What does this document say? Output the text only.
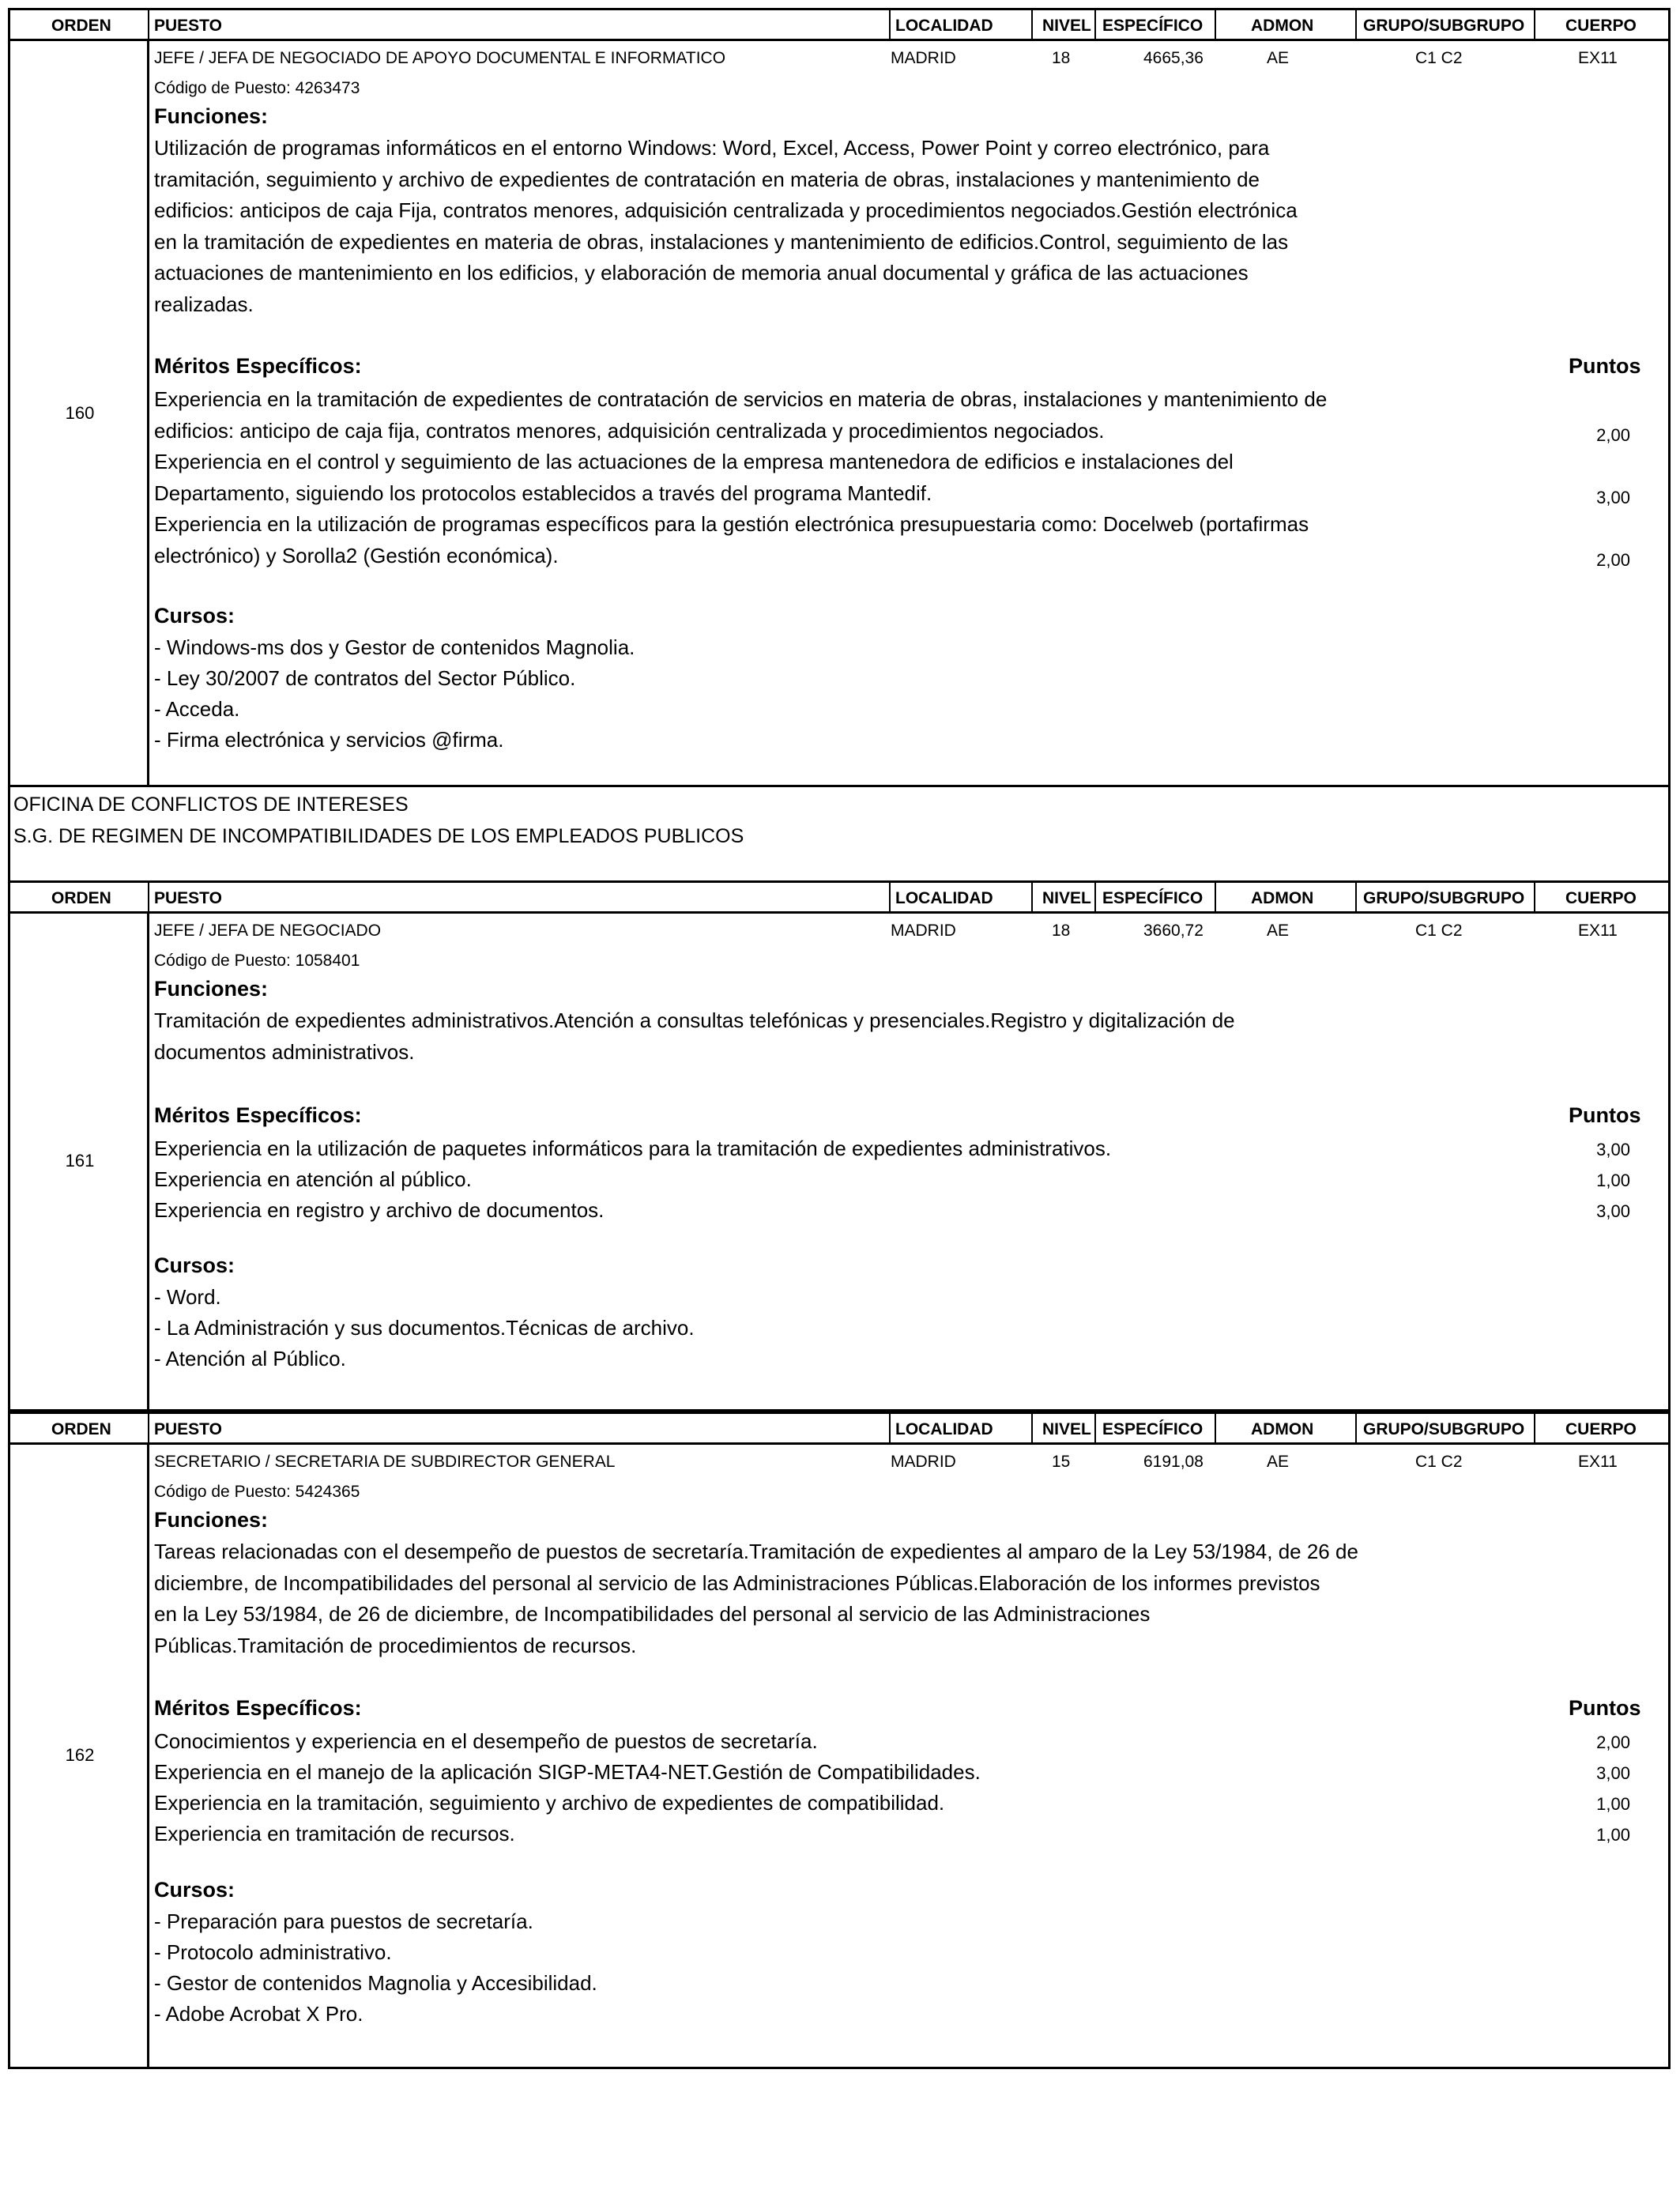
ORDEN	PUESTO	LOCALIDAD	NIVEL ESPECÍFICO	ADMON	GRUPO/SUBGRUPO CUERPO
160
JEFE / JEFA DE NEGOCIADO DE APOYO DOCUMENTAL E INFORMATICO	MADRID	18	4665,36	AE	C1 C2	EX11
Código de Puesto: 4263473
Funciones:
Utilización de programas informáticos en el entorno Windows: Word, Excel, Access, Power Point y correo electrónico, para
tramitación, seguimiento y archivo de expedientes de contratación en materia de obras, instalaciones y mantenimiento de
edificios: anticipos de caja Fija, contratos menores, adquisición centralizada y procedimientos negociados.Gestión electrónica
en la tramitación de expedientes en materia de obras, instalaciones y mantenimiento de edificios.Control, seguimiento de las
actuaciones de mantenimiento en los edificios, y elaboración de memoria anual documental y gráfica de las actuaciones
realizadas.
Méritos Específicos:	Puntos
Experiencia en la tramitación de expedientes de contratación de servicios en materia de obras, instalaciones y mantenimiento de
edificios: anticipo de caja fija, contratos menores, adquisición centralizada y procedimientos negociados.	2,00
Experiencia en el control y seguimiento de las actuaciones de la empresa mantenedora de edificios e instalaciones del
Departamento, siguiendo los protocolos establecidos a través del programa Mantedif.	3,00
Experiencia en la utilización de programas específicos para la gestión electrónica presupuestaria como: Docelweb (portafirmas
electrónico) y Sorolla2 (Gestión económica).	2,00
Cursos:
- Windows-ms dos y Gestor de contenidos Magnolia.
- Ley 30/2007 de contratos del Sector Público.
- Acceda.
- Firma electrónica y servicios @firma.
OFICINA DE CONFLICTOS DE INTERESES
S.G. DE REGIMEN DE INCOMPATIBILIDADES DE LOS EMPLEADOS PUBLICOS
ORDEN	PUESTO	LOCALIDAD	NIVEL ESPECÍFICO	ADMON	GRUPO/SUBGRUPO CUERPO
161
JEFE / JEFA DE NEGOCIADO	MADRID	18	3660,72	AE	C1 C2	EX11
Código de Puesto: 1058401
Funciones:
Tramitación de expedientes administrativos.Atención a consultas telefónicas y presenciales.Registro y digitalización de
documentos administrativos.
Méritos Específicos:	Puntos
Experiencia en la utilización de paquetes informáticos para la tramitación de expedientes administrativos.	3,00
Experiencia en atención al público.	1,00
Experiencia en registro y archivo de documentos.	3,00
Cursos:
- Word.
- La Administración y sus documentos.Técnicas de archivo.
- Atención al Público.
ORDEN	PUESTO	LOCALIDAD	NIVEL ESPECÍFICO	ADMON	GRUPO/SUBGRUPO CUERPO
162
SECRETARIO / SECRETARIA DE SUBDIRECTOR GENERAL	MADRID	15	6191,08	AE	C1 C2	EX11
Código de Puesto: 5424365
Funciones:
Tareas relacionadas con el desempeño de puestos de secretaría.Tramitación de expedientes al amparo de la Ley 53/1984, de 26 de
diciembre, de Incompatibilidades del personal al servicio de las Administraciones Públicas.Elaboración de los informes previstos
en la Ley 53/1984, de 26 de diciembre, de Incompatibilidades del personal al servicio de las Administraciones
Públicas.Tramitación de procedimientos de recursos.
Méritos Específicos:	Puntos
Conocimientos y experiencia en el desempeño de puestos de secretaría.	2,00
Experiencia en el manejo de la aplicación SIGP-META4-NET.Gestión de Compatibilidades.	3,00
Experiencia en la tramitación, seguimiento y archivo de expedientes de compatibilidad.	1,00
Experiencia en tramitación de recursos.	1,00
Cursos:
- Preparación para puestos de secretaría.
- Protocolo administrativo.
- Gestor de contenidos Magnolia y Accesibilidad.
- Adobe Acrobat X Pro.
